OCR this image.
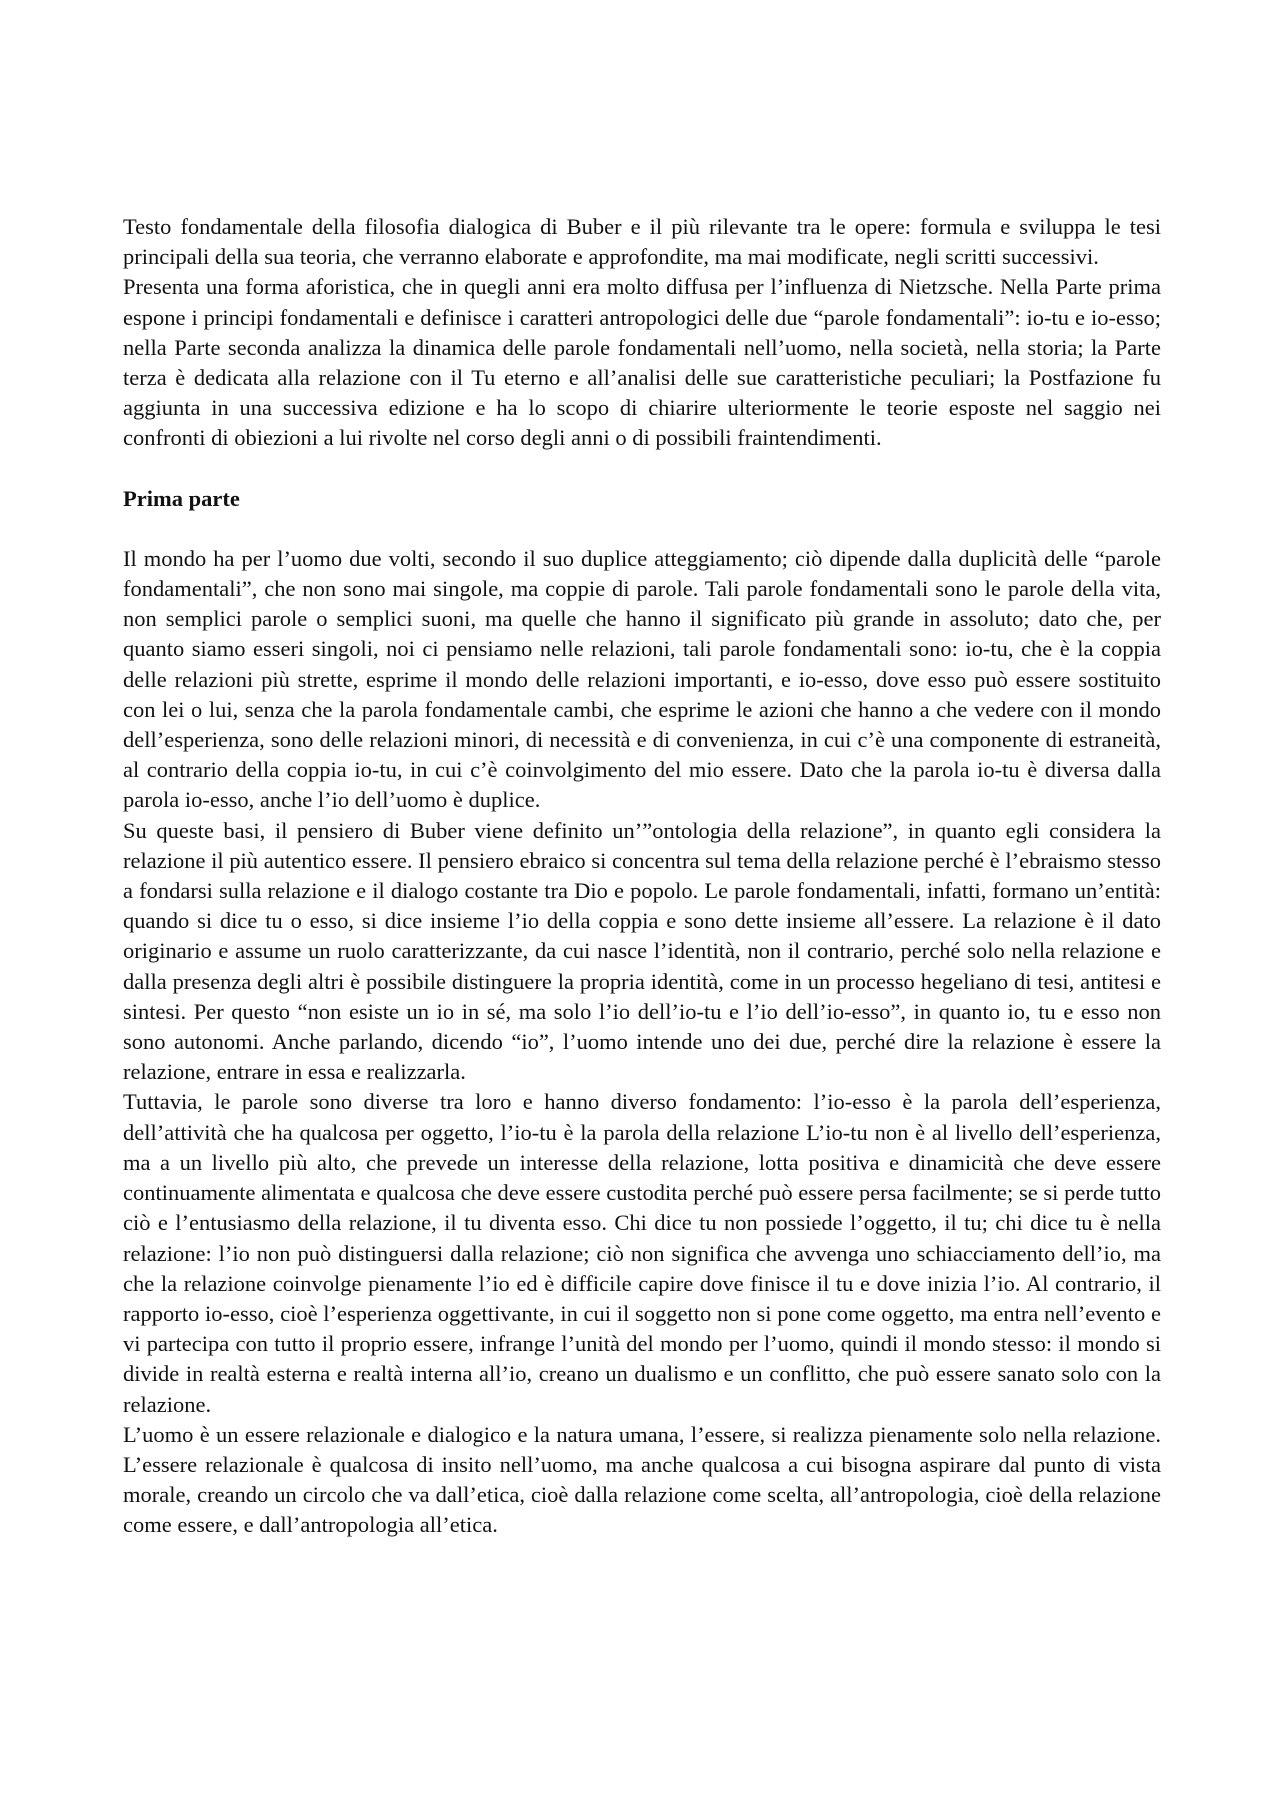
Testo fondamentale della filosofia dialogica di Buber e il più rilevante tra le opere: formula e sviluppa le tesi principali della sua teoria, che verranno elaborate e approfondite, ma mai modificate, negli scritti successivi.

Presenta una forma aforistica, che in quegli anni era molto diffusa per l’influenza di Nietzsche. Nella Parte prima espone i principi fondamentali e definisce i caratteri antropologici delle due “parole fondamentali”: io-tu e io-esso; nella Parte seconda analizza la dinamica delle parole fondamentali nell’uomo, nella società, nella storia; la Parte terza è dedicata alla relazione con il Tu eterno e all’analisi delle sue caratteristiche peculiari; la Postfazione fu aggiunta in una successiva edizione e ha lo scopo di chiarire ulteriormente le teorie esposte nel saggio nei confronti di obiezioni a lui rivolte nel corso degli anni o di possibili fraintendimenti.

Prima parte

Il mondo ha per l’uomo due volti, secondo il suo duplice atteggiamento; ciò dipende dalla duplicità delle “parole fondamentali”, che non sono mai singole, ma coppie di parole. Tali parole fondamentali sono le parole della vita, non semplici parole o semplici suoni, ma quelle che hanno il significato più grande in assoluto; dato che, per quanto siamo esseri singoli, noi ci pensiamo nelle relazioni, tali parole fondamentali sono: io-tu, che è la coppia delle relazioni più strette, esprime il mondo delle relazioni importanti, e io-esso, dove esso può essere sostituito con lei o lui, senza che la parola fondamentale cambi, che esprime le azioni che hanno a che vedere con il mondo dell’esperienza, sono delle relazioni minori, di necessità e di convenienza, in cui c’è una componente di estraneità, al contrario della coppia io-tu, in cui c’è coinvolgimento del mio essere. Dato che la parola io-tu è diversa dalla parola io-esso, anche l’io dell’uomo è duplice.

Su queste basi, il pensiero di Buber viene definito un’”ontologia della relazione”, in quanto egli considera la relazione il più autentico essere. Il pensiero ebraico si concentra sul tema della relazione perché è l’ebraismo stesso a fondarsi sulla relazione e il dialogo costante tra Dio e popolo. Le parole fondamentali, infatti, formano un’entità: quando si dice tu o esso, si dice insieme l’io della coppia e sono dette insieme all’essere. La relazione è il dato originario e assume un ruolo caratterizzante, da cui nasce l’identità, non il contrario, perché solo nella relazione e dalla presenza degli altri è possibile distinguere la propria identità, come in un processo hegeliano di tesi, antitesi e sintesi. Per questo “non esiste un io in sé, ma solo l’io dell’io-tu e l’io dell’io-esso”, in quanto io, tu e esso non sono autonomi. Anche parlando, dicendo “io”, l’uomo intende uno dei due, perché dire la relazione è essere la relazione, entrare in essa e realizzarla.

Tuttavia, le parole sono diverse tra loro e hanno diverso fondamento: l’io-esso è la parola dell’esperienza, dell’attività che ha qualcosa per oggetto, l’io-tu è la parola della relazione L’io-tu non è al livello dell’esperienza, ma a un livello più alto, che prevede un interesse della relazione, lotta positiva e dinamicità che deve essere continuamente alimentata e qualcosa che deve essere custodita perché può essere persa facilmente; se si perde tutto ciò e l’entusiasmo della relazione, il tu diventa esso. Chi dice tu non possiede l’oggetto, il tu; chi dice tu è nella relazione: l’io non può distinguersi dalla relazione; ciò non significa che avvenga uno schiacciamento dell’io, ma che la relazione coinvolge pienamente l’io ed è difficile capire dove finisce il tu e dove inizia l’io. Al contrario, il rapporto io-esso, cioè l’esperienza oggettivante, in cui il soggetto non si pone come oggetto, ma entra nell’evento e vi partecipa con tutto il proprio essere, infrange l’unità del mondo per l’uomo, quindi il mondo stesso: il mondo si divide in realtà esterna e realtà interna all’io, creano un dualismo e un conflitto, che può essere sanato solo con la relazione.

L’uomo è un essere relazionale e dialogico e la natura umana, l’essere, si realizza pienamente solo nella relazione. L’essere relazionale è qualcosa di insito nell’uomo, ma anche qualcosa a cui bisogna aspirare dal punto di vista morale, creando un circolo che va dall’etica, cioè dalla relazione come scelta, all’antropologia, cioè della relazione come essere, e dall’antropologia all’etica.
